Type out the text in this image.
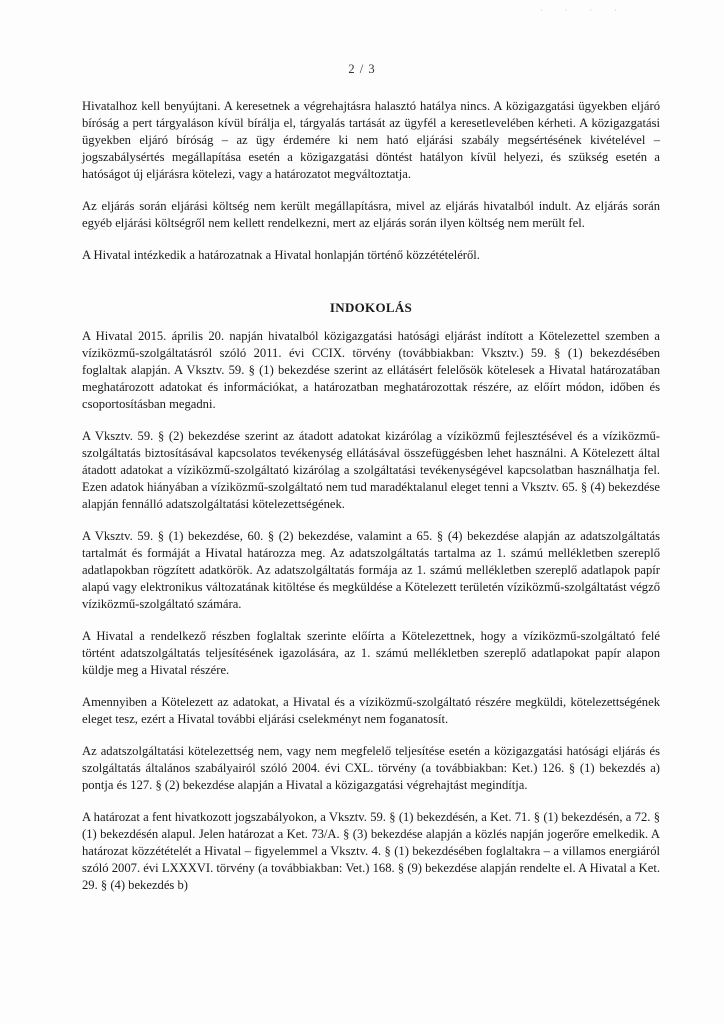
· · · ·
2 / 3

Hivatalhoz kell benyújtani. A keresetnek a végrehajtásra halasztó hatálya nincs. A közigazgatási ügyekben eljáró bíróság a pert tárgyaláson kívül bírálja el, tárgyalás tartását az ügyfél a keresetlevelében kérheti. A közigazgatási ügyekben eljáró bíróság – az ügy érdemére ki nem ható eljárási szabály megsértésének kivételével – jogszabálysértés megállapítása esetén a közigazgatási döntést hatályon kívül helyezi, és szükség esetén a hatóságot új eljárásra kötelezi, vagy a határozatot megváltoztatja.

Az eljárás során eljárási költség nem került megállapításra, mivel az eljárás hivatalból indult. Az eljárás során egyéb eljárási költségről nem kellett rendelkezni, mert az eljárás során ilyen költség nem merült fel.

A Hivatal intézkedik a határozatnak a Hivatal honlapján történő közzétételéről.

INDOKOLÁS

A Hivatal 2015. április 20. napján hivatalból közigazgatási hatósági eljárást indított a Kötelezettel szemben a víziközmű-szolgáltatásról szóló 2011. évi CCIX. törvény (továbbiakban: Vksztv.) 59. § (1) bekezdésében foglaltak alapján. A Vksztv. 59. § (1) bekezdése szerint az ellátásért felelősök kötelesek a Hivatal határozatában meghatározott adatokat és információkat, a határozatban meghatározottak részére, az előírt módon, időben és csoportosításban megadni.

A Vksztv. 59. § (2) bekezdése szerint az átadott adatokat kizárólag a víziközmű fejlesztésével és a víziközmű-szolgáltatás biztosításával kapcsolatos tevékenység ellátásával összefüggésben lehet használni. A Kötelezett által átadott adatokat a víziközmű-szolgáltató kizárólag a szolgáltatási tevékenységével kapcsolatban használhatja fel. Ezen adatok hiányában a víziközmű-szolgáltató nem tud maradéktalanul eleget tenni a Vksztv. 65. § (4) bekezdése alapján fennálló adatszolgáltatási kötelezettségének.

A Vksztv. 59. § (1) bekezdése, 60. § (2) bekezdése, valamint a 65. § (4) bekezdése alapján az adatszolgáltatás tartalmát és formáját a Hivatal határozza meg. Az adatszolgáltatás tartalma az 1. számú mellékletben szereplő adatlapokban rögzített adatkörök. Az adatszolgáltatás formája az 1. számú mellékletben szereplő adatlapok papír alapú vagy elektronikus változatának kitöltése és megküldése a Kötelezett területén víziközmű-szolgáltatást végző víziközmű-szolgáltató számára.

A Hivatal a rendelkező részben foglaltak szerinte előírta a Kötelezettnek, hogy a víziközmű-szolgáltató felé történt adatszolgáltatás teljesítésének igazolására, az 1. számú mellékletben szereplő adatlapokat papír alapon küldje meg a Hivatal részére.

Amennyiben a Kötelezett az adatokat, a Hivatal és a víziközmű-szolgáltató részére megküldi, kötelezettségének eleget tesz, ezért a Hivatal további eljárási cselekményt nem foganatosít.

Az adatszolgáltatási kötelezettség nem, vagy nem megfelelő teljesítése esetén a közigazgatási hatósági eljárás és szolgáltatás általános szabályairól szóló 2004. évi CXL. törvény (a továbbiakban: Ket.) 126. § (1) bekezdés a) pontja és 127. § (2) bekezdése alapján a Hivatal a közigazgatási végrehajtást megindítja.

A határozat a fent hivatkozott jogszabályokon, a Vksztv. 59. § (1) bekezdésén, a Ket. 71. § (1) bekezdésén, a 72. § (1) bekezdésén alapul. Jelen határozat a Ket. 73/A. § (3) bekezdése alapján a közlés napján jogerőre emelkedik. A határozat közzétételét a Hivatal – figyelemmel a Vksztv. 4. § (1) bekezdésében foglaltakra – a villamos energiáról szóló 2007. évi LXXXVI. törvény (a továbbiakban: Vet.) 168. § (9) bekezdése alapján rendelte el. A Hivatal a Ket. 29. § (4) bekezdés b)
